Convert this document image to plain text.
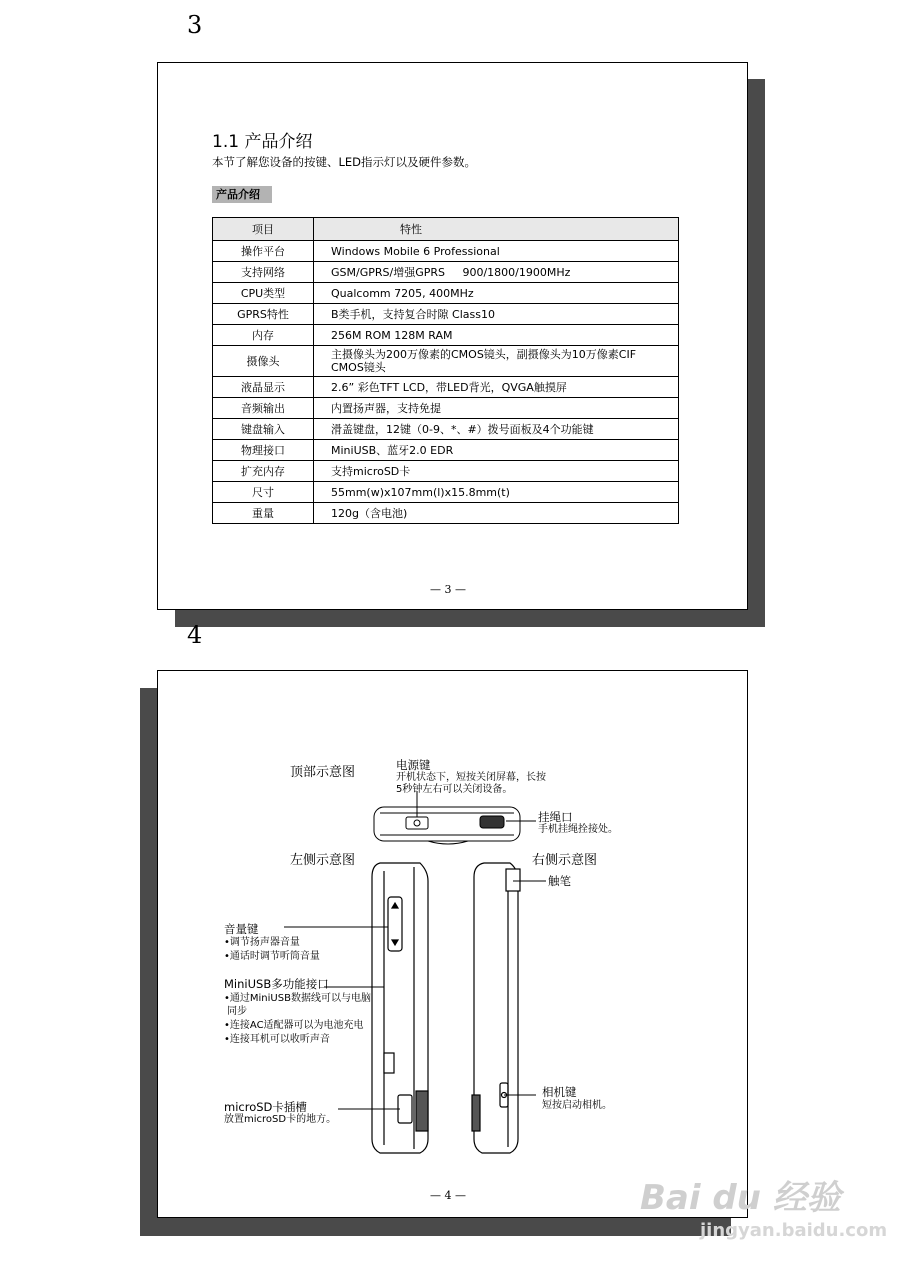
3
1.1 产品介绍
本节了解您设备的按键、LED指示灯以及硬件参数。
产品介绍
项目	特性
操作平台	Windows Mobile 6 Professional
支持网络	GSM/GPRS/增强GPRS     900/1800/1900MHz
CPU类型	Qualcomm 7205, 400MHz
GPRS特性	B类手机，支持复合时隙 Class10
内存	256M ROM 128M RAM
摄像头	主摄像头为200万像素的CMOS镜头，副摄像头为10万像素CIF CMOS镜头
液晶显示	2.6” 彩色TFT LCD，带LED背光，QVGA触摸屏
音频输出	内置扬声器，支持免提
键盘输入	滑盖键盘，12键（0-9、*、#）拨号面板及4个功能键
物理接口	MiniUSB、蓝牙2.0 EDR
扩充内存	支持microSD卡
尺寸	55mm(w)x107mm(l)x15.8mm(t)
重量	120g（含电池)
— 3 —
4
顶部示意图
左侧示意图	右侧示意图
电源键
开机状态下，短按关闭屏幕，长按
5秒钟左右可以关闭设备。
挂绳口
手机挂绳拴接处。
触笔
音量键
•调节扬声器音量
•通话时调节听筒音量
MiniUSB多功能接口
•通过MiniUSB数据线可以与电脑
同步
•连接AC适配器可以为电池充电
•连接耳机可以收听声音
microSD卡插槽
放置microSD卡的地方。
相机键
短按启动相机。
— 4 —	Bai du 经验
jingyan.baidu.com
